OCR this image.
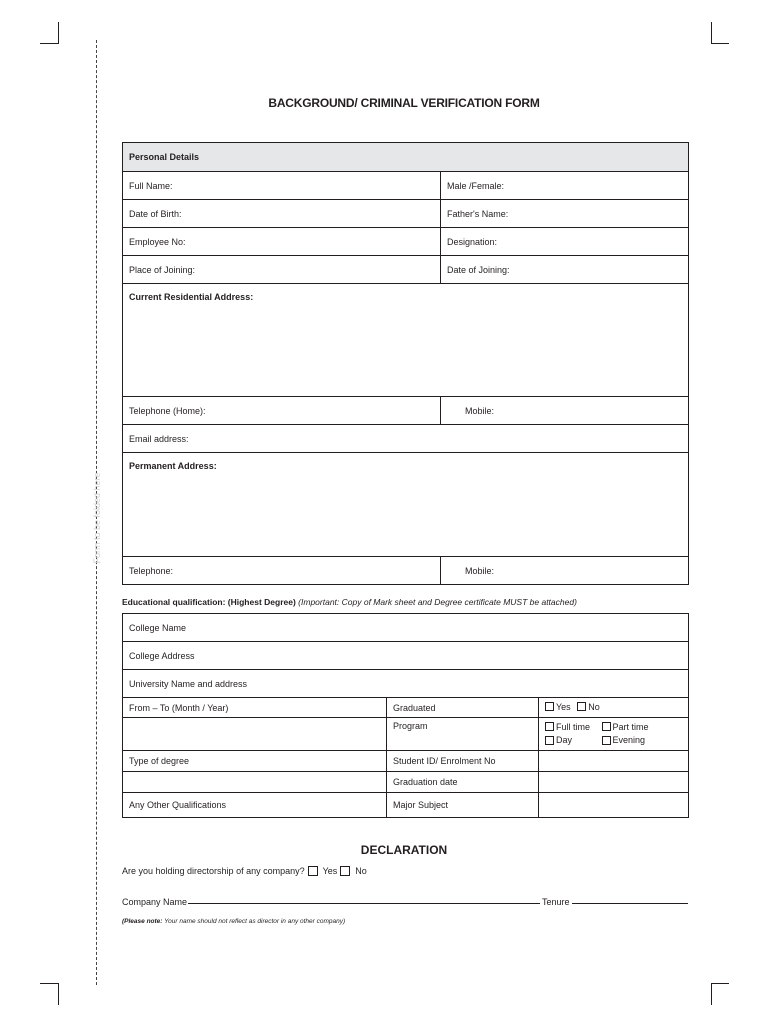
Form to be folded here
BACKGROUND/ CRIMINAL VERIFICATION FORM
Personal Details	
Full Name:	Male /Female:
Date of Birth:	Father's Name:
Employee No:	Designation:
Place of Joining:	Date of Joining:
Current Residential Address:	
Telephone (Home):	Mobile:
Email address:	
Permanent Address:	
Telephone:	Mobile:
Educational qualification: (Highest Degree) (Important: Copy of Mark sheet and Degree certificate MUST be attached)
College Name		
College Address		
University Name and address		
From – To (Month / Year)	Graduated	Yes
No

	Program	Full time
Part time
Day
Evening

Type of degree	Student ID/ Enrolment No	
	Graduation date	
Any Other Qualifications	Major Subject	
DECLARATION
Are you holding directorship of any company? Yes No
Company Name	Tenure
(Please note: Your name should not reflect as director in any other company)
